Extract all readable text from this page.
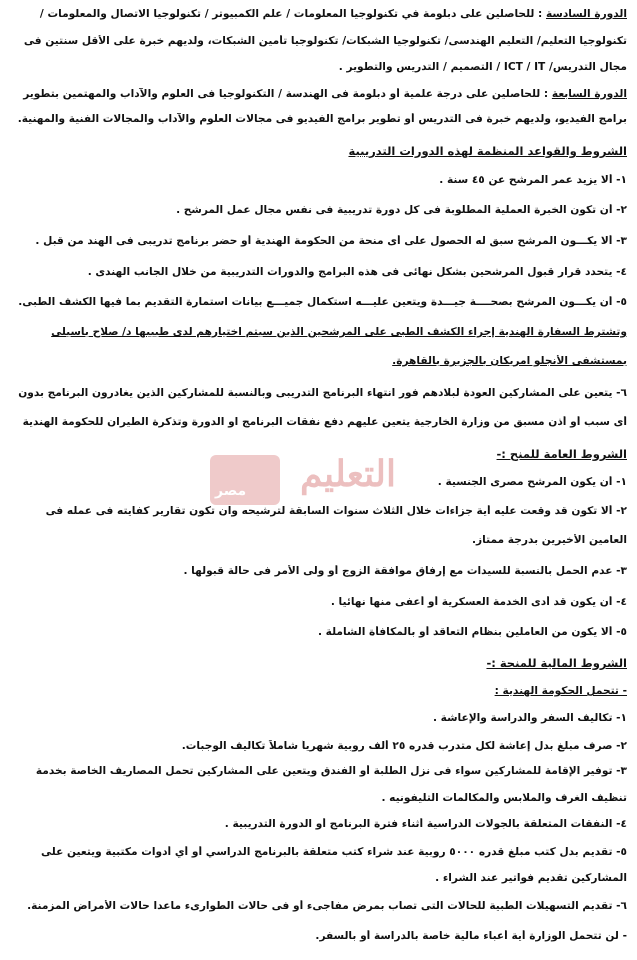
مصر التعليم
الدورة السادسة : للحاصلين على دبلومة في تكنولوجيا المعلومات / علم الكمبيوتر / تكنولوجيا الاتصال والمعلومات /
تكنولوجيا التعليم/ التعليم الهندسى/ تكنولوجيا الشبكات/ تكنولوجيا تأمين الشبكات، ولديهم خبرة على الأقل سنتين فى
مجال التدريس/ ICT / IT / التصميم / التدريس والتطوير .
الدورة السابعة : للحاصلين على درجة علمية أو دبلومة فى الهندسة / التكنولوجيا فى العلوم والآداب والمهتمين بتطوير
برامج الفيديو، ولديهم خبرة فى التدريس أو تطوير برامج الفيديو فى مجالات العلوم والآداب والمجالات الفنية والمهنية.
الشروط والقواعد المنظمة لهذه الدورات التدريبية
١- ألا يزيد عمر المرشح عن ٤٥ سنة .
٢- أن تكون الخبرة العملية المطلوبة فى كل دورة تدريبية فى نفس مجال عمل المرشح .
٣- ألا يكـــون المرشح سبق له الحصول على أى منحة من الحكومة الهندية أو حضر برنامج تدريبى فى الهند من قبل .
٤- يتحدد قرار قبول المرشحين بشكل نهائى فى هذه البرامج والدورات التدريبية من خلال الجانب الهندى .
٥- أن يكـــون المرشح بصحــــة جيـــدة ويتعين عليـــه استكمال جميـــع بيانات استمارة التقديم بما فيها الكشف الطبى.
وتشترط السفارة الهندية إجراء الكشف الطبى على المرشحين الذين سيتم اختيارهم لدى طبيبها د/ صلاح باسيلى
بمستشفى الأنجلو امريكان بالجزيرة بالقاهرة.
٦- يتعين على المشاركين العودة لبلادهم فور انتهاء البرنامج التدريبى وبالنسبة للمشاركين الذين يغادرون البرنامج بدون
أى سبب أو أذن مسبق من وزارة الخارجية يتعين عليهم دفع نفقات البرنامج او الدورة وتذكرة الطيران للحكومة الهندية
الشروط العامة للمنح :-
١- أن يكون المرشح مصرى الجنسية .
٢- ألا تكون قد وقعت عليه أية جزاءات خلال الثلاث سنوات السابقة لترشيحه وان تكون تقارير كفايته فى عمله فى
العامين الأخيرين بدرجة ممتاز.
٣- عدم الحمل بالنسبة للسيدات مع إرفاق موافقة الزوج أو ولى الأمر فى حالة قبولها .
٤- أن يكون قد أدى الخدمة العسكرية أو أعفى منها نهائيا .
٥- ألا يكون من العاملين بنظام التعاقد أو بالمكافأة الشاملة .
الشروط المالية للمنحة :-
- تتحمل الحكومة الهندية :
١- تكاليف السفر والدراسة والإعاشة .
٢- صرف مبلغ بدل إعاشة لكل متدرب قدره ٢٥ ألف روبية شهرياً شاملاً تكاليف الوجبات.
٣- توفير الإقامة للمشاركين سواء فى نزل الطلبة أو الفندق ويتعين على المشاركين تحمل المصاريف الخاصة بخدمة
تنظيف الغرف والملابس والمكالمات التليفونيه .
٤- النفقات المتعلقة بالجولات الدراسية أثناء فترة البرنامج أو الدورة التدريبية .
٥- تقديم بدل كتب مبلغ قدره ٥٠٠٠ روبية عند شراء كتب متعلقة بالبرنامج الدراسي أو أي أدوات مكتبية ويتعين على
المشاركين تقديم فواتير عند الشراء .
٦- تقديم التسهيلات الطبية للحالات التى تصاب بمرض مفاجىء أو فى حالات الطوارىء ماعدا حالات الأمراض المزمنة.
- لن تتحمل الوزارة أية أعباء مالية خاصة بالدراسة أو بالسفر.
